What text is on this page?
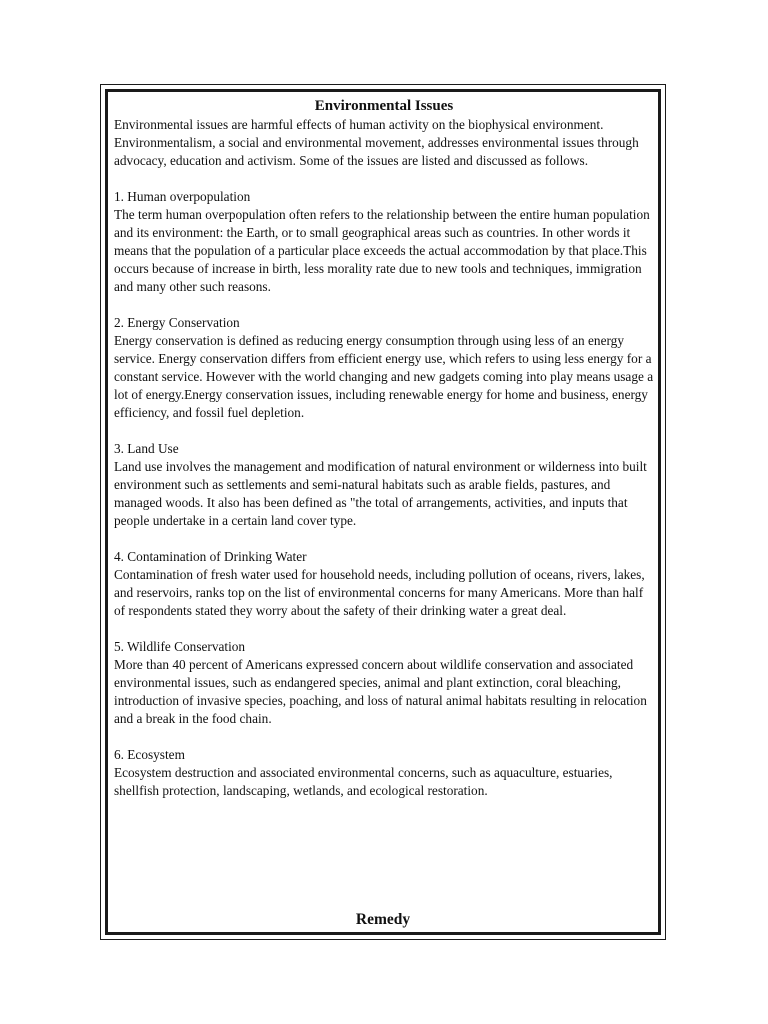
Environmental Issues

Environmental issues are harmful effects of human activity on the biophysical environment. Environmentalism, a social and environmental movement, addresses environmental issues through advocacy, education and activism. Some of the issues are listed and discussed as follows.

1. Human overpopulation

The term human overpopulation often refers to the relationship between the entire human population and its environment: the Earth, or to small geographical areas such as countries. In other words it means that the population of a particular place exceeds the actual accommodation by that place.This occurs because of increase in birth, less morality rate due to new tools and techniques, immigration and many other such reasons.

2. Energy Conservation

Energy conservation is defined as reducing energy consumption through using less of an energy service. Energy conservation differs from efficient energy use, which refers to using less energy for a constant service. However with the world changing and new gadgets coming into play means usage a lot of energy.Energy conservation issues, including renewable energy for home and business, energy efficiency, and fossil fuel depletion.

3. Land Use

Land use involves the management and modification of natural environment or wilderness into built environment such as settlements and semi-natural habitats such as arable fields, pastures, and managed woods. It also has been defined as "the total of arrangements, activities, and inputs that people undertake in a certain land cover type.

4. Contamination of Drinking Water

Contamination of fresh water used for household needs, including pollution of oceans, rivers, lakes, and reservoirs, ranks top on the list of environmental concerns for many Americans. More than half of respondents stated they worry about the safety of their drinking water a great deal.

5. Wildlife Conservation

More than 40 percent of Americans expressed concern about wildlife conservation and associated environmental issues, such as endangered species, animal and plant extinction, coral bleaching, introduction of invasive species, poaching, and loss of natural animal habitats resulting in relocation and a break in the food chain.

6. Ecosystem

Ecosystem destruction and associated environmental concerns, such as aquaculture, estuaries, shellfish protection, landscaping, wetlands, and ecological restoration.

Remedy
